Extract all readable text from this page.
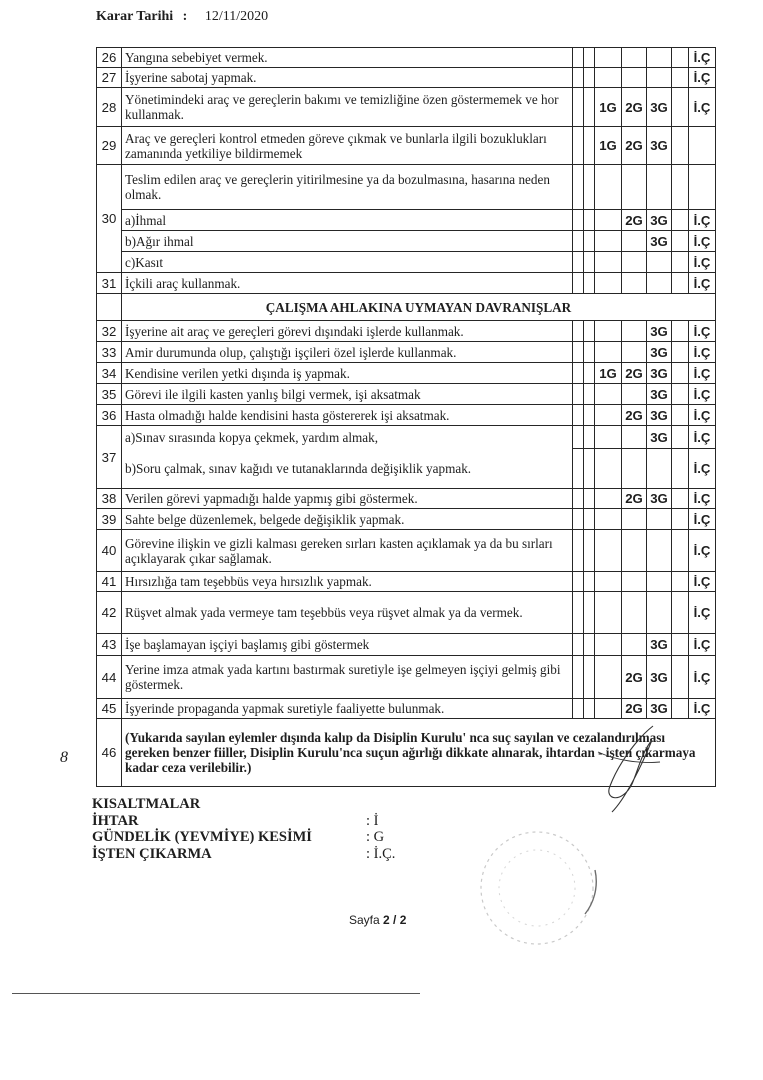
Karar Tarihi : 12/11/2020
26	Yangına sebebiyet vermek.							İ.Ç
27	İşyerine sabotaj yapmak.							İ.Ç
28	Yönetimindeki araç ve gereçlerin bakımı ve temizliğine özen göstermemek ve hor kullanmak.			1G	2G	3G		İ.Ç
29	Araç ve gereçleri kontrol etmeden göreve çıkmak ve bunlarla ilgili bozuklukları zamanında yetkiliye bildirmemek			1G	2G	3G		
30	Teslim edilen araç ve gereçlerin yitirilmesine ya da bozulmasına, hasarına neden olmak.							
	a)İhmal				2G	3G		İ.Ç
	b)Ağır ihmal					3G		İ.Ç
	c)Kasıt							İ.Ç
31	İçkili araç kullanmak.							İ.Ç
	ÇALIŞMA AHLAKINA UYMAYAN DAVRANIŞLAR							
32	İşyerine ait araç ve gereçleri görevi dışındaki işlerde kullanmak.					3G		İ.Ç
33	Amir durumunda olup, çalıştığı işçileri özel işlerde kullanmak.					3G		İ.Ç
34	Kendisine verilen yetki dışında iş yapmak.			1G	2G	3G		İ.Ç
35	Görevi ile ilgili kasten yanlış bilgi vermek, işi aksatmak					3G		İ.Ç
36	Hasta olmadığı halde kendisini hasta göstererek işi aksatmak.				2G	3G		İ.Ç
37	a)Sınav sırasında kopya çekmek, yardım almak,					3G		İ.Ç
	b)Soru çalmak, sınav kağıdı ve tutanaklarında değişiklik yapmak.							İ.Ç
38	Verilen görevi yapmadığı halde yapmış gibi göstermek.				2G	3G		İ.Ç
39	Sahte belge düzenlemek, belgede değişiklik yapmak.							İ.Ç
40	Görevine ilişkin ve gizli kalması gereken sırları kasten açıklamak ya da bu sırları açıklayarak çıkar sağlamak.							İ.Ç
41	Hırsızlığa tam teşebbüs veya hırsızlık yapmak.							İ.Ç
42	Rüşvet almak yada vermeye tam teşebbüs veya rüşvet almak ya da vermek.							İ.Ç
43	İşe başlamayan işçiyi başlamış gibi göstermek					3G		İ.Ç
44	Yerine imza atmak yada kartını bastırmak suretiyle işe gelmeyen işçiyi gelmiş gibi göstermek.				2G	3G		İ.Ç
45	İşyerinde propaganda yapmak suretiyle faaliyette bulunmak.				2G	3G		İ.Ç
46	(Yukarıda sayılan eylemler dışında kalıp da Disiplin Kurulu' nca suç sayılan ve cezalandırılması gereken benzer fiiller, Disiplin Kurulu'nca suçun ağırlığı dikkate alınarak, ihtardan - işten çıkarmaya kadar ceza verilebilir.)							
KISALTMALAR
İHTAR	: İ
GÜNDELİK (YEVMİYE) KESİMİ	: G
İŞTEN ÇIKARMA	: İ.Ç.
Sayfa 2 / 2
8
